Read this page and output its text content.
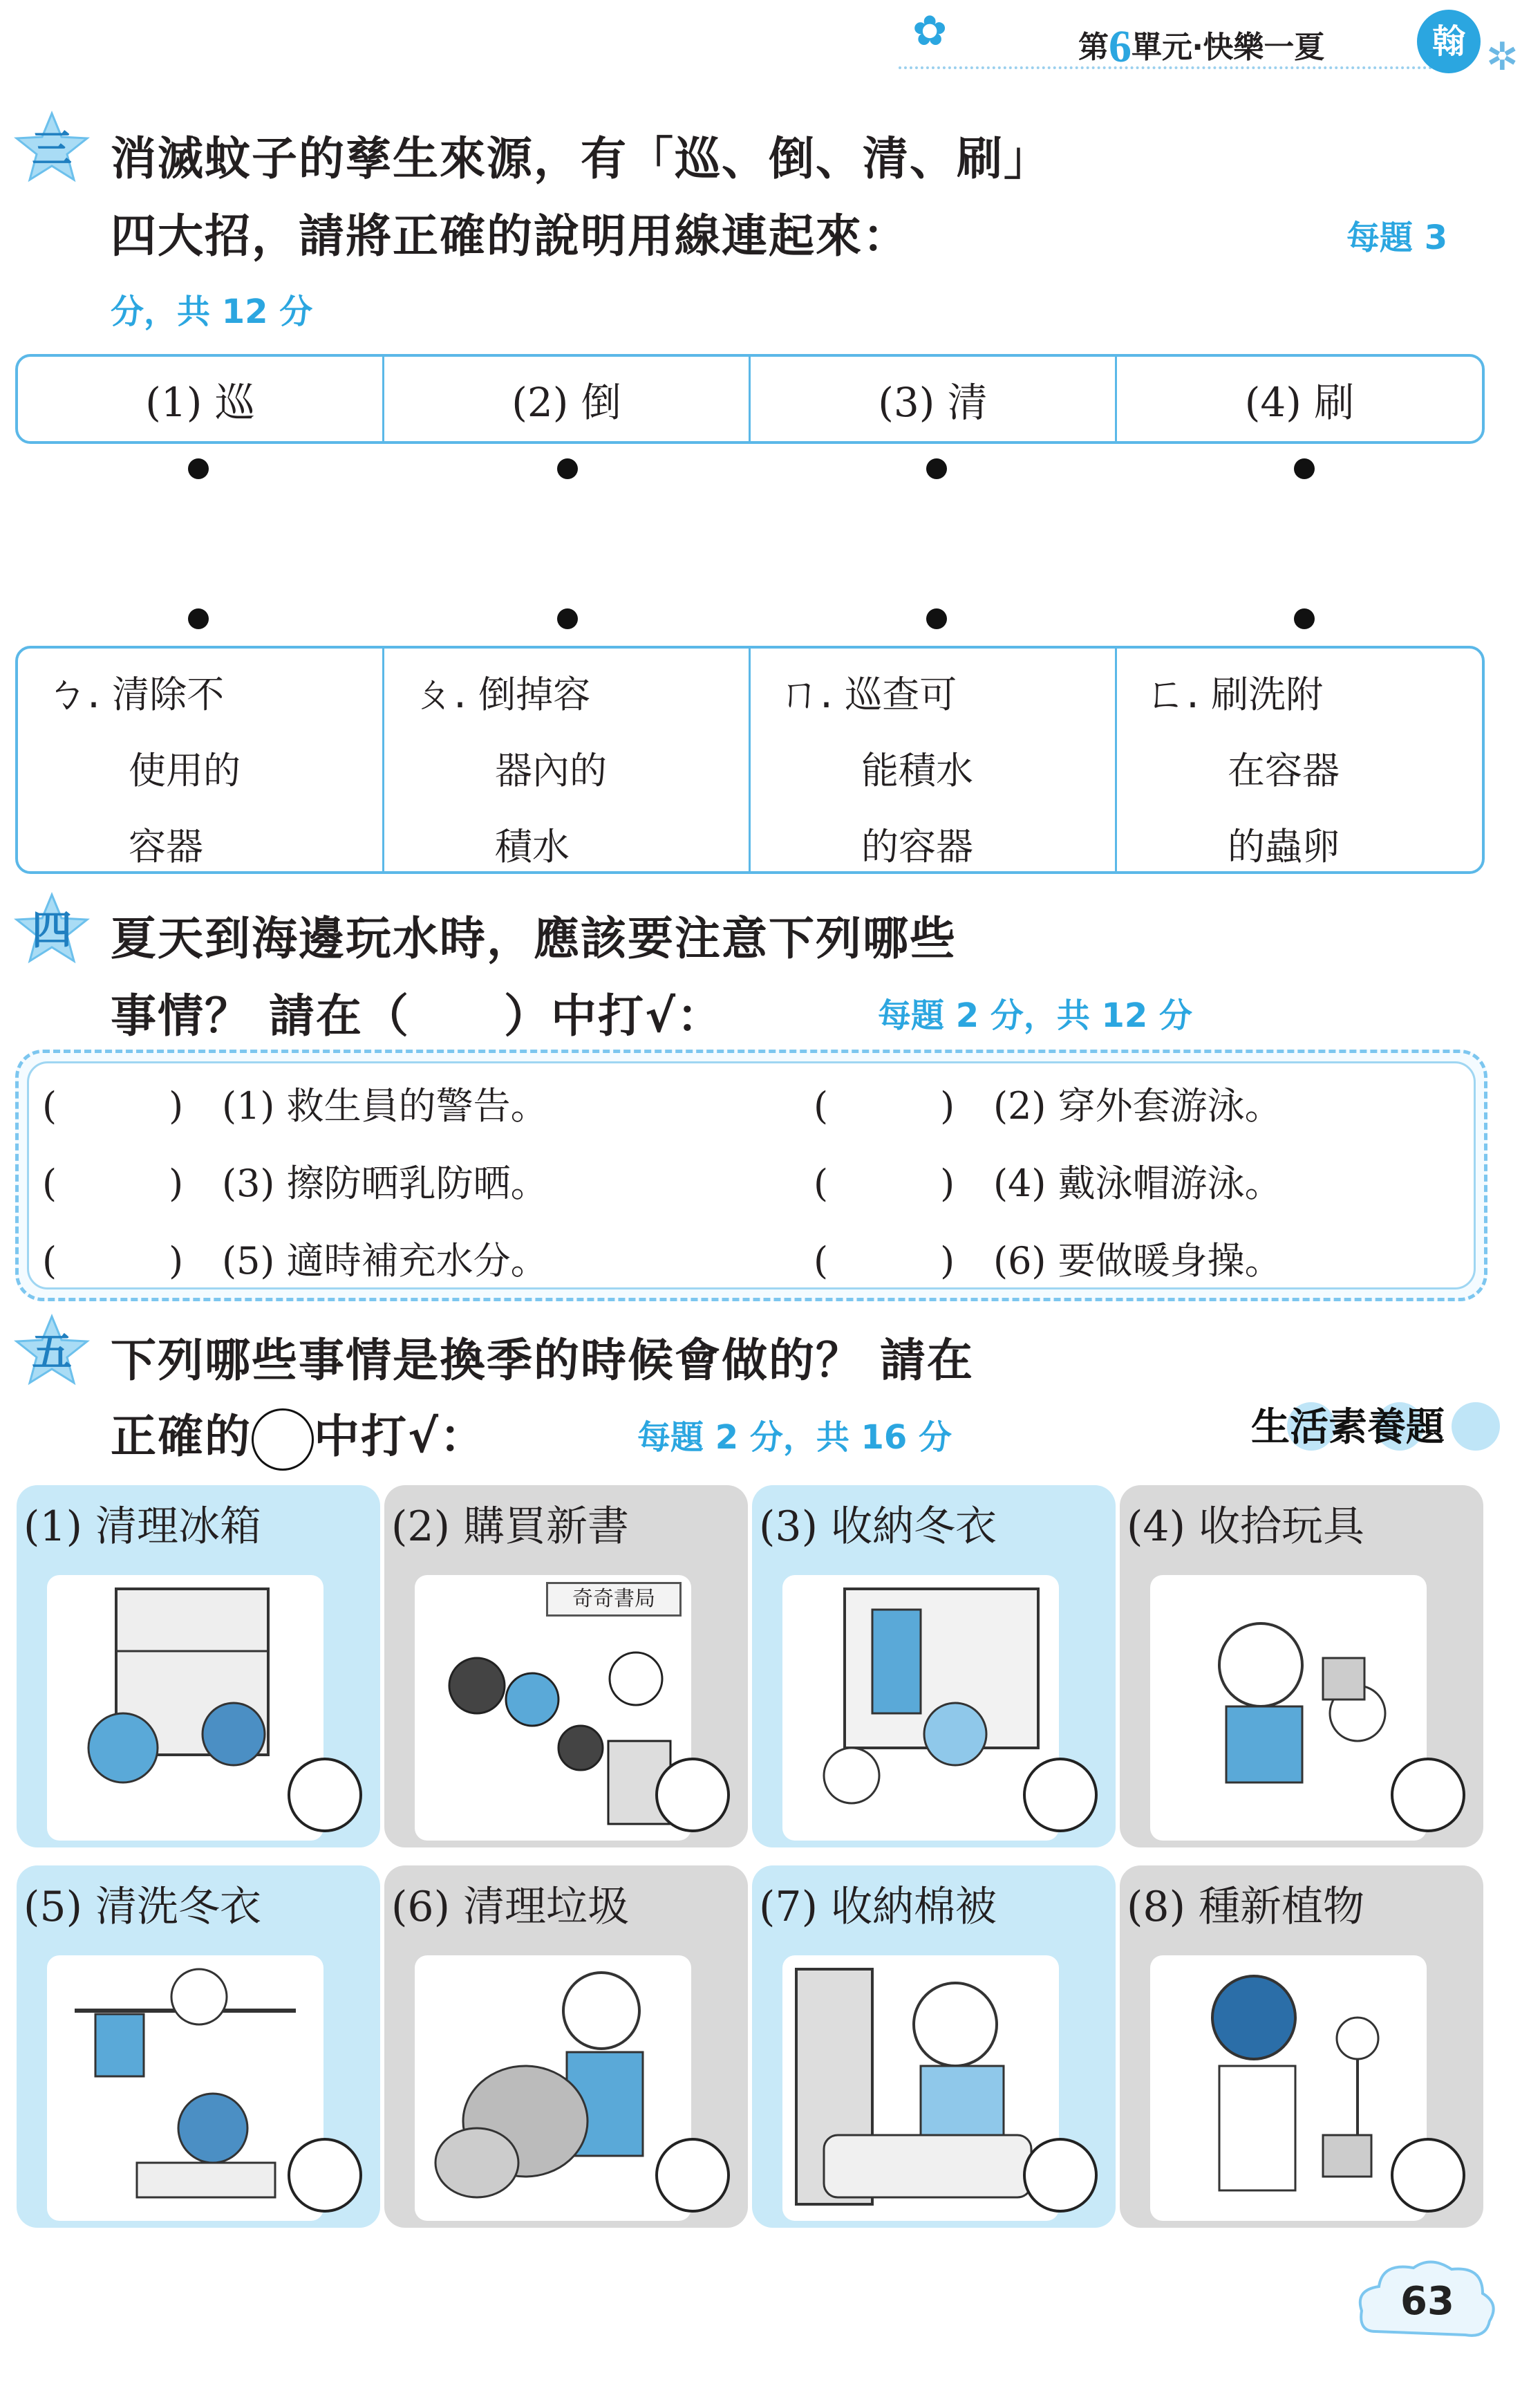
✿	第6單元‧快樂一夏	翰 ✲
三 消滅蚊子的孳生來源，有「巡、倒、清、刷」
四大招，請將正確的說明用線連起來：	每題 3
分，共 12 分
(1) 巡	(2) 倒	(3) 清	(4) 刷
ㄅ. 清除不
使用的
容器
ㄆ. 倒掉容
器內的
積水
ㄇ. 巡查可
能積水
的容器
ㄈ. 刷洗附
在容器
的蟲卵
四 夏天到海邊玩水時，應該要注意下列哪些
事情？ 請在（　　）中打√：	每題 2 分，共 12 分
(　　　) (1) 救生員的警告。	(　　　) (2) 穿外套游泳。
(　　　) (3) 擦防晒乳防晒。	(　　　) (4) 戴泳帽游泳。
(　　　) (5) 適時補充水分。	(　　　) (6) 要做暖身操。
五 下列哪些事情是換季的時候會做的？ 請在
正確的 中打√：	每題 2 分，共 16 分	生活素養題
(1) 清理冰箱	(2) 購買新書
奇奇書局
(3) 收納冬衣	(4) 收拾玩具
(5) 清洗冬衣	(6) 清理垃圾	(7) 收納棉被	(8) 種新植物
63
